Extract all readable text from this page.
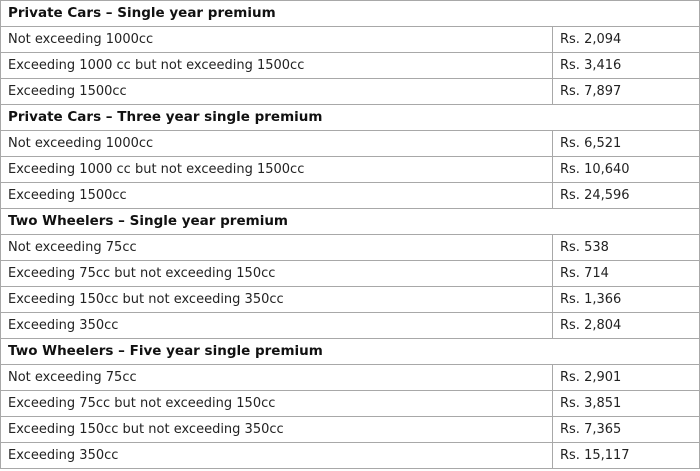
Private Cars – Single year premium	
Not exceeding 1000cc	Rs. 2,094
Exceeding 1000 cc but not exceeding 1500cc	Rs. 3,416
Exceeding 1500cc	Rs. 7,897
Private Cars – Three year single premium	
Not exceeding 1000cc	Rs. 6,521
Exceeding 1000 cc but not exceeding 1500cc	Rs. 10,640
Exceeding 1500cc	Rs. 24,596
Two Wheelers – Single year premium	
Not exceeding 75cc	Rs. 538
Exceeding 75cc but not exceeding 150cc	Rs. 714
Exceeding 150cc but not exceeding 350cc	Rs. 1,366
Exceeding 350cc	Rs. 2,804
Two Wheelers – Five year single premium	
Not exceeding 75cc	Rs. 2,901
Exceeding 75cc but not exceeding 150cc	Rs. 3,851
Exceeding 150cc but not exceeding 350cc	Rs. 7,365
Exceeding 350cc	Rs. 15,117
